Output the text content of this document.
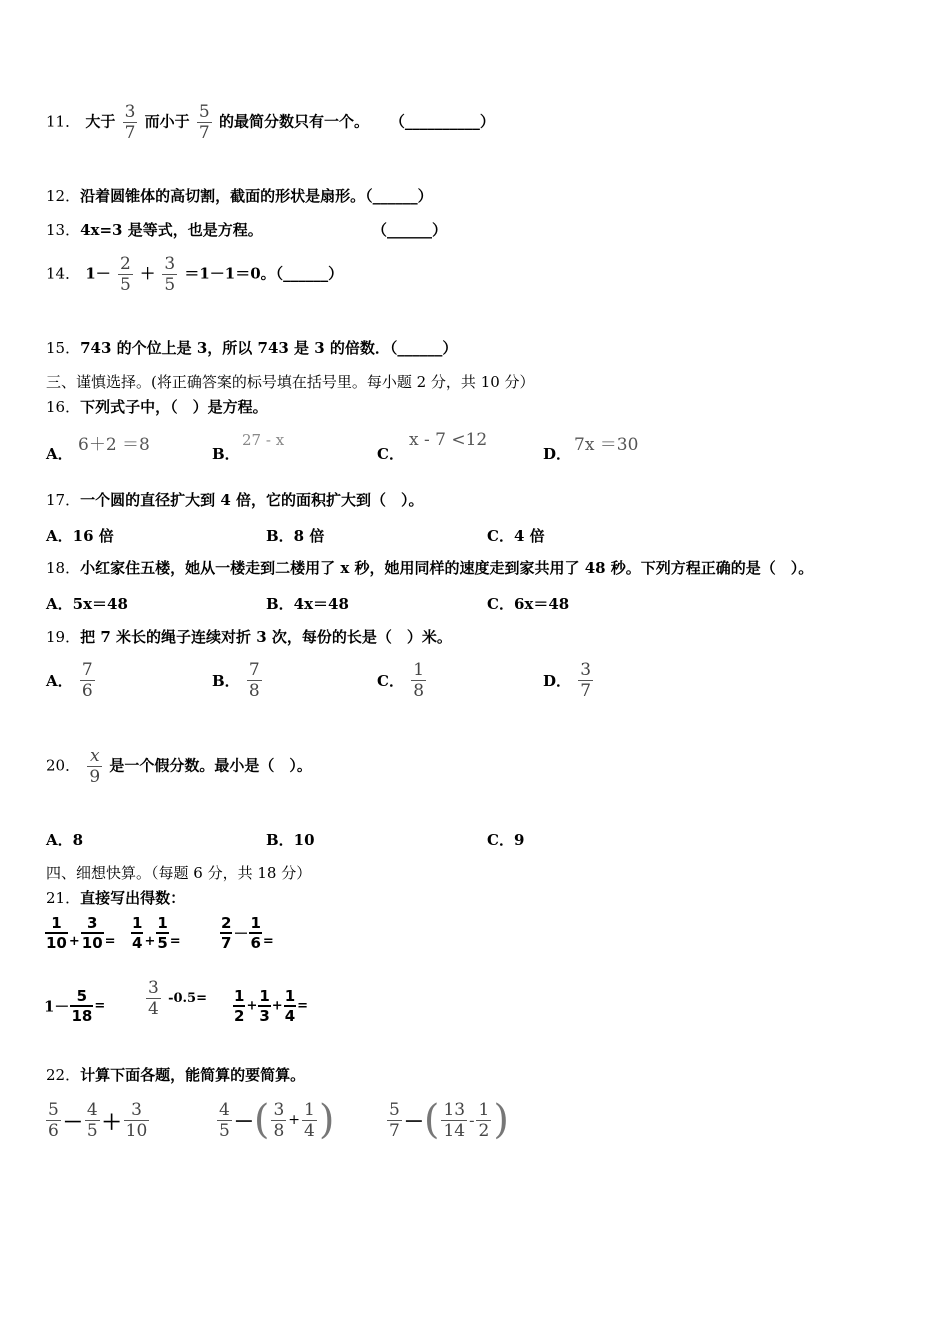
11． 大于 $\frac{3}{7}$ 而小于 $\frac{5}{7}$ 的最简分数只有一个。 （__________）
12．沿着圆锥体的高切割，截面的形状是扇形。（______）
13．4x=3 是等式，也是方程。	（______）
14． $1- \frac{2}{5} + \frac{3}{5} =1-1=0$。（______）
15．743 的个位上是 3，所以 743 是 3 的倍数．（______）
三、谨慎选择。(将正确答案的标号填在括号里。每小题 2 分，共 10 分）
16．下列式子中，（　）是方程。
A． 6＋2 ＝8	B．
27 - x
C．
x - 7 <12
D． 7x ＝30
17．一个圆的直径扩大到 4 倍，它的面积扩大到（　）。
A．16 倍	B．8 倍	C．4 倍
18．小红家住五楼，她从一楼走到二楼用了 x 秒，她用同样的速度走到家共用了 48 秒。下列方程正确的是（　）。
A．5x＝48	B．4x＝48	C．6x＝48
19．把 7 米长的绳子连续对折 3 次，每份的长是（　）米。
A． $\frac{7}{6}$	B． $\frac{7}{8}$	C． $\frac{1}{8}$	D． $\frac{3}{7}$
20． $\frac{x}{9}$ 是一个假分数。最小是（　）。
A．8	B．10	C．9
四、细想快算。（每题 6 分，共 18 分）
21．直接写出得数：
$\frac{1}{10} + \frac{3}{10} = \frac{1}{4} + \frac{1}{5}$ =	$\frac{2}{7} - \frac{1}{6}$ =
$1- \frac{5}{18} = \frac{3}{4} -0.5= \frac{1}{2} + \frac{1}{3} + \frac{1}{4}$ =
22．计算下面各题，能简算的要简算。
$\frac{5}{6} - \frac{4}{5} + \frac{3}{10}$	$\frac{4}{5}$ －( $\frac{3}{8} + \frac{1}{4}$ )	$\frac{5}{7}$ －( $\frac{13}{14} - \frac{1}{2}$ )
